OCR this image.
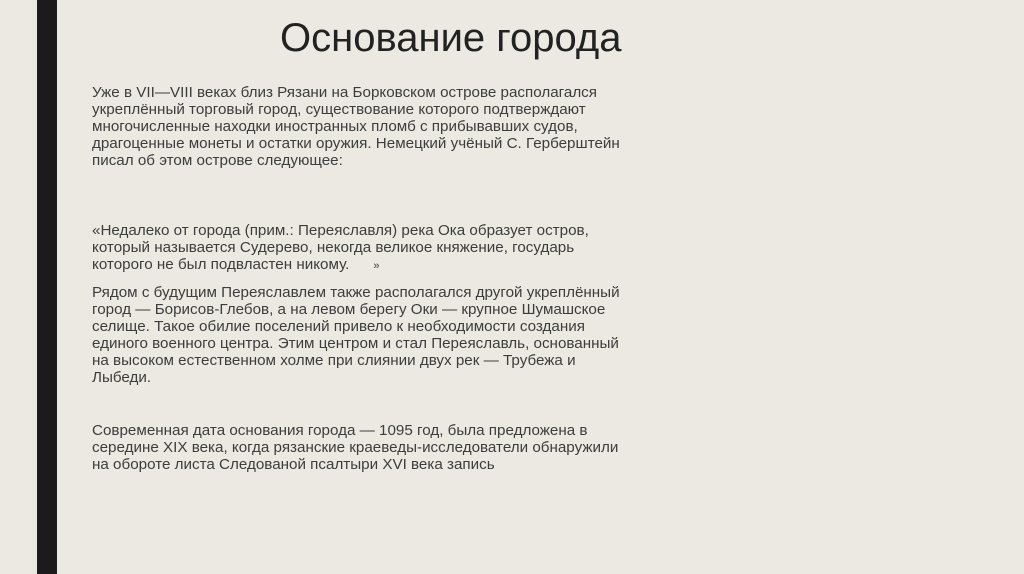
Основание города

Уже в VII—VIII веках близ Рязани на Борковском острове располагался укреплённый торговый город, существование которого подтверждают многочисленные находки иностранных пломб с прибывавших судов, драгоценные монеты и остатки оружия. Немецкий учёный С. Герберштейн писал об этом острове следующее:

«Недалеко от города (прим.: Переяславля) река Ока образует остров, который называется Судерево, некогда великое княжение, государь которого не был подвластен никому. »

Рядом с будущим Переяславлем также располагался другой укреплённый город — Борисов-Глебов, а на левом берегу Оки — крупное Шумашское селище. Такое обилие поселений привело к необходимости создания единого военного центра. Этим центром и стал Переяславль, основанный на высоком естественном холме при слиянии двух рек — Трубежа и Лыбеди.

Современная дата основания города — 1095 год, была предложена в середине XIX века, когда рязанские краеведы-исследователи обнаружили на обороте листа Следованой псалтыри XVI века запись
